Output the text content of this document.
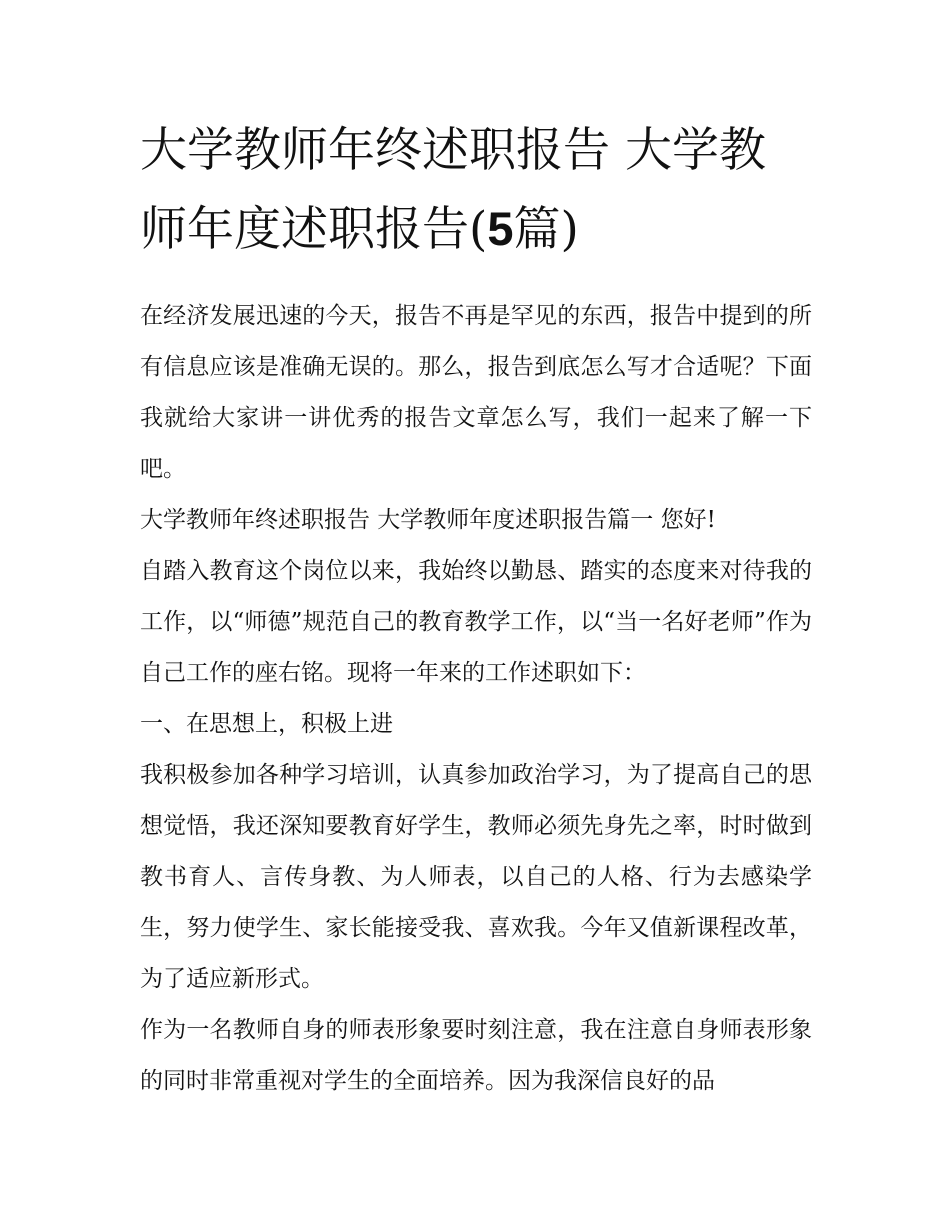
大学教师年终述职报告 大学教师年度述职报告(5篇)

在经济发展迅速的今天，报告不再是罕见的东西，报告中提到的所有信息应该是准确无误的。那么，报告到底怎么写才合适呢？下面我就给大家讲一讲优秀的报告文章怎么写，我们一起来了解一下吧。

大学教师年终述职报告 大学教师年度述职报告篇一 您好!

自踏入教育这个岗位以来，我始终以勤恳、踏实的态度来对待我的工作，以“师德”规范自己的教育教学工作，以“当一名好老师”作为自己工作的座右铭。现将一年来的工作述职如下：

一、在思想上，积极上进

我积极参加各种学习培训，认真参加政治学习，为了提高自己的思想觉悟，我还深知要教育好学生，教师必须先身先之率，时时做到教书育人、言传身教、为人师表，以自己的人格、行为去感染学生，努力使学生、家长能接受我、喜欢我。今年又值新课程改革，为了适应新形式。

作为一名教师自身的师表形象要时刻注意，我在注意自身师表形象的同时非常重视对学生的全面培养。因为我深信良好的品
